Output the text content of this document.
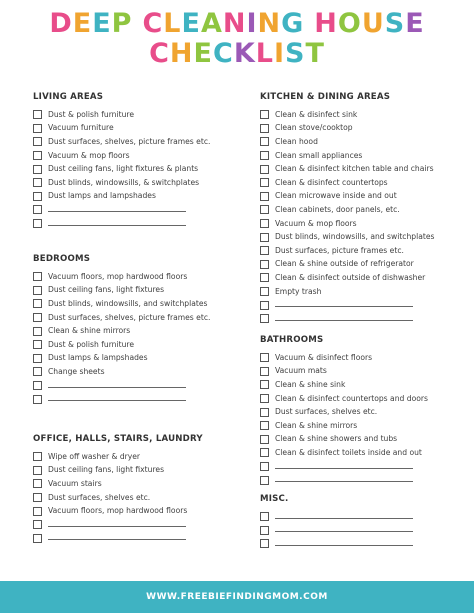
DEEP CLEANING HOUSE
CHECKLIST
LIVING AREAS
Dust & polish furniture
Vacuum furniture
Dust surfaces, shelves, picture frames etc.
Vacuum & mop floors
Dust ceiling fans, light fixtures & plants
Dust blinds, windowsills, & switchplates
Dust lamps and lampshades
BEDROOMS
Vacuum floors, mop hardwood floors
Dust ceiling fans, light fixtures
Dust blinds, windowsills, and switchplates
Dust surfaces, shelves, picture frames etc.
Clean & shine mirrors
Dust & polish furniture
Dust lamps & lampshades
Change sheets
OFFICE, HALLS, STAIRS, LAUNDRY
Wipe off washer & dryer
Dust ceiling fans, light fixtures
Vacuum stairs
Dust surfaces, shelves etc.
Vacuum floors, mop hardwood floors
KITCHEN & DINING AREAS
Clean & disinfect sink
Clean stove/cooktop
Clean hood
Clean small appliances
Clean & disinfect kitchen table and chairs
Clean & disinfect countertops
Clean microwave inside and out
Clean cabinets, door panels, etc.
Vacuum & mop floors
Dust blinds, windowsills, and switchplates
Dust surfaces, picture frames etc.
Clean & shine outside of refrigerator
Clean & disinfect outside of dishwasher
Empty trash
BATHROOMS
Vacuum & disinfect floors
Vacuum mats
Clean & shine sink
Clean & disinfect countertops and doors
Dust surfaces, shelves etc.
Clean & shine mirrors
Clean & shine showers and tubs
Clean & disinfect toilets inside and out
MISC.
WWW.FREEBIEFINDINGMOM.COM
